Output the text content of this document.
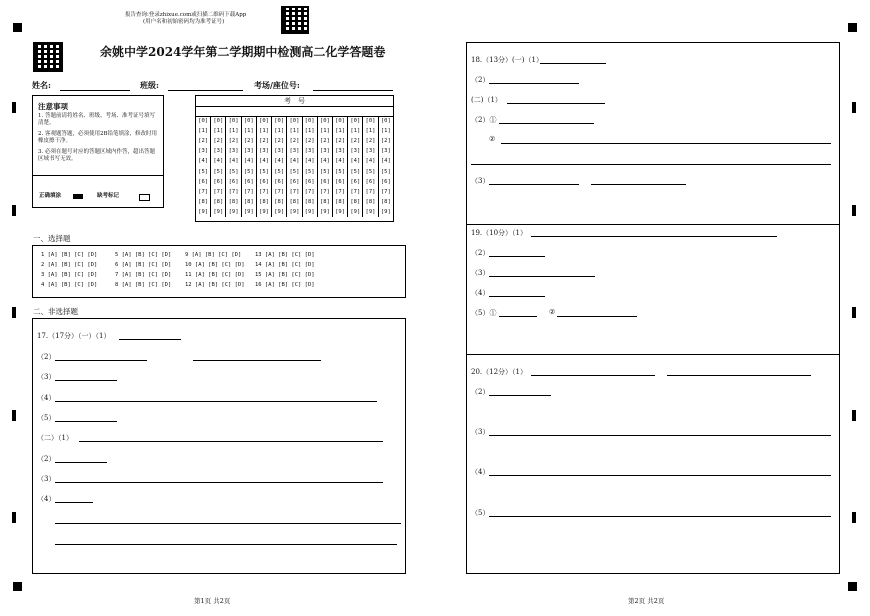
报告查询:登录zhixue.com或扫描二维码下载App
(用户名和初始密码均为准考证号)
余姚中学2024学年第二学期期中检测高二化学答题卷
姓名:	班级:	考场/座位号:
注意事项
1. 答题前请将姓名、班级、考场、准考证号填写清楚。
2. 客观题答题，必须使用2B铅笔填涂，修改时用橡皮擦干净。
3. 必须在题号对应的答题区域内作答，超出答题区域书写无效。
正确填涂	缺考标记
考　号
[0]	[0]	[0]	[0]	[0]	[0]	[0]	[0]	[0]	[0]	[0]	[0]	[0]
[1]	[1]	[1]	[1]	[1]	[1]	[1]	[1]	[1]	[1]	[1]	[1]	[1]
[2]	[2]	[2]	[2]	[2]	[2]	[2]	[2]	[2]	[2]	[2]	[2]	[2]
[3]	[3]	[3]	[3]	[3]	[3]	[3]	[3]	[3]	[3]	[3]	[3]	[3]
[4]	[4]	[4]	[4]	[4]	[4]	[4]	[4]	[4]	[4]	[4]	[4]	[4]
[5]	[5]	[5]	[5]	[5]	[5]	[5]	[5]	[5]	[5]	[5]	[5]	[5]
[6]	[6]	[6]	[6]	[6]	[6]	[6]	[6]	[6]	[6]	[6]	[6]	[6]
[7]	[7]	[7]	[7]	[7]	[7]	[7]	[7]	[7]	[7]	[7]	[7]	[7]
[8]	[8]	[8]	[8]	[8]	[8]	[8]	[8]	[8]	[8]	[8]	[8]	[8]
[9]	[9]	[9]	[9]	[9]	[9]	[9]	[9]	[9]	[9]	[9]	[9]	[9]
一、选择题
1 [A] [B] [C] [D]
2 [A] [B] [C] [D]
3 [A] [B] [C] [D]
4 [A] [B] [C] [D]
5 [A] [B] [C] [D]
6 [A] [B] [C] [D]
7 [A] [B] [C] [D]
8 [A] [B] [C] [D]
9 [A] [B] [C] [D]
10 [A] [B] [C] [D]
11 [A] [B] [C] [D]
12 [A] [B] [C] [D]
13 [A] [B] [C] [D]
14 [A] [B] [C] [D]
15 [A] [B] [C] [D]
16 [A] [B] [C] [D]
二、非选择题
17.（17分）（一）（1）
（2）
（3）
（4）
（5）
（二）（1）
（2）
（3）
（4）
第1页 共2页
18.（13分）(一)（1）
（2）
(二)（1）
（2）①
②
（3）
19.（10分）（1）
（2）
（3）
（4）
（5）①	②
20.（12分）（1）
（2）
（3）
（4）
（5）
第2页 共2页
